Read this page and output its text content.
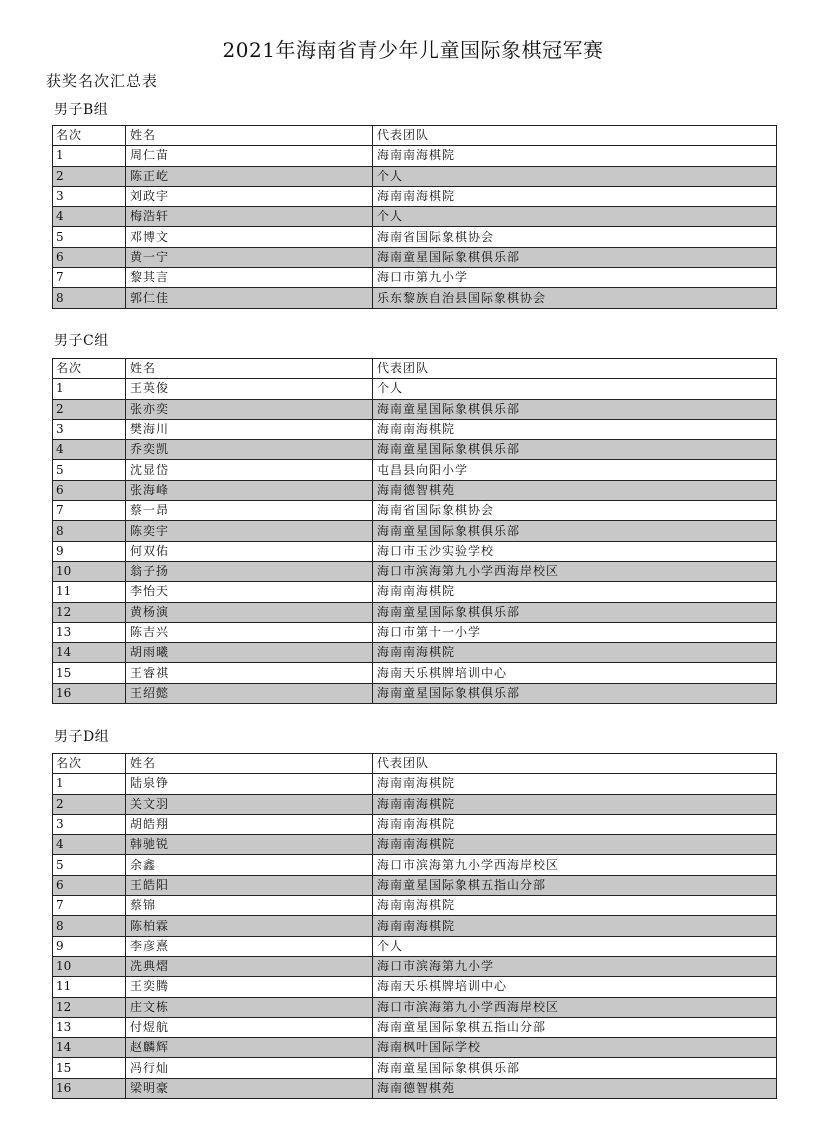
2021年海南省青少年儿童国际象棋冠军赛
获奖名次汇总表
男子B组
名次	姓名	代表团队
1	周仁苗	海南南海棋院
2	陈正屹	个人
3	刘政宇	海南南海棋院
4	梅浩轩	个人
5	邓博文	海南省国际象棋协会
6	黄一宁	海南童星国际象棋俱乐部
7	黎其言	海口市第九小学
8	郭仁佳	乐东黎族自治县国际象棋协会
男子C组
名次	姓名	代表团队
1	王英俊	个人
2	张亦奕	海南童星国际象棋俱乐部
3	樊海川	海南南海棋院
4	乔奕凯	海南童星国际象棋俱乐部
5	沈显岱	屯昌县向阳小学
6	张海峰	海南德智棋苑
7	蔡一昂	海南省国际象棋协会
8	陈奕宇	海南童星国际象棋俱乐部
9	何双佑	海口市玉沙实验学校
10	翁子扬	海口市滨海第九小学西海岸校区
11	李怡天	海南南海棋院
12	黄杨演	海南童星国际象棋俱乐部
13	陈吉兴	海口市第十一小学
14	胡雨曦	海南南海棋院
15	王睿祺	海南天乐棋牌培训中心
16	王绍懿	海南童星国际象棋俱乐部
男子D组
名次	姓名	代表团队
1	陆泉铮	海南南海棋院
2	关文羽	海南南海棋院
3	胡皓翔	海南南海棋院
4	韩驰锐	海南南海棋院
5	余鑫	海口市滨海第九小学西海岸校区
6	王皓阳	海南童星国际象棋五指山分部
7	蔡锦	海南南海棋院
8	陈柏霖	海南南海棋院
9	李彦熹	个人
10	冼典熠	海口市滨海第九小学
11	王奕腾	海南天乐棋牌培训中心
12	庄文栋	海口市滨海第九小学西海岸校区
13	付煜航	海南童星国际象棋五指山分部
14	赵麟辉	海南枫叶国际学校
15	冯行灿	海南童星国际象棋俱乐部
16	梁明豪	海南德智棋苑
